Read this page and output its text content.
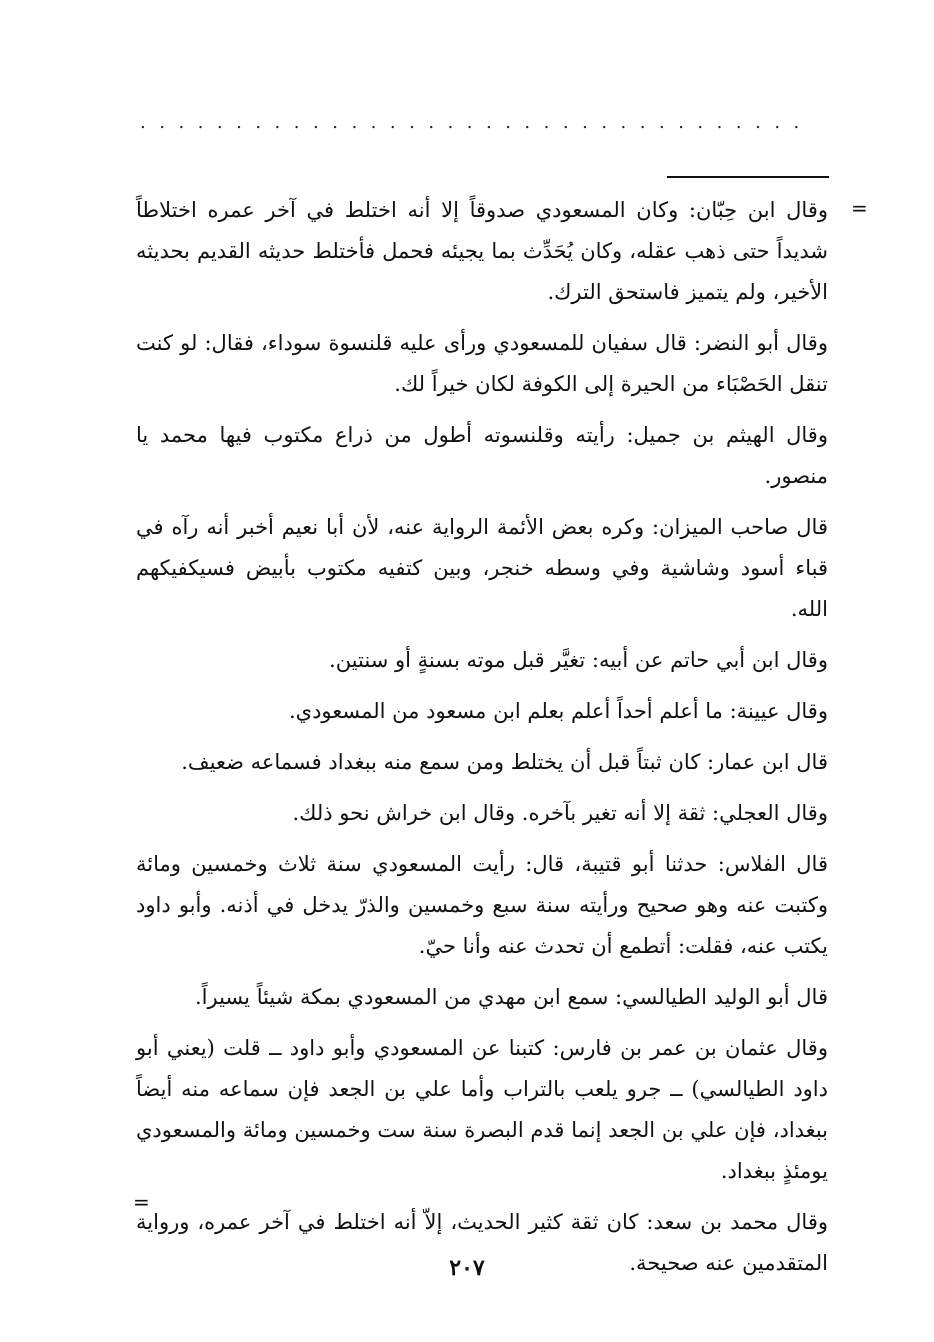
...................................
=

وقال ابن حِبّان: وكان المسعودي صدوقاً إلا أنه اختلط في آخر عمره اختلاطاً شديداً حتى ذهب عقله، وكان يُحَدِّث بما يجيئه فحمل فأختلط حديثه القديم بحديثه الأخير، ولم يتميز فاستحق الترك.

وقال أبو النضر: قال سفيان للمسعودي ورأى عليه قلنسوة سوداء، فقال: لو كنت تنقل الحَصْبَاء من الحيرة إلى الكوفة لكان خيراً لك.

وقال الهيثم بن جميل: رأيته وقلنسوته أطول من ذراع مكتوب فيها محمد يا منصور.

قال صاحب الميزان: وكره بعض الأئمة الرواية عنه، لأن أبا نعيم أخبر أنه رآه في قباء أسود وشاشية وفي وسطه خنجر، وبين كتفيه مكتوب بأبيض فسيكفيكهم الله.

وقال ابن أبي حاتم عن أبيه: تغيَّر قبل موته بسنةٍ أو سنتين.

وقال عيينة: ما أعلم أحداً أعلم بعلم ابن مسعود من المسعودي.

قال ابن عمار: كان ثبتاً قبل أن يختلط ومن سمع منه ببغداد فسماعه ضعيف.

وقال العجلي: ثقة إلا أنه تغير بآخره. وقال ابن خراش نحو ذلك.

قال الفلاس: حدثنا أبو قتيبة، قال: رأيت المسعودي سنة ثلاث وخمسين ومائة وكتبت عنه وهو صحيح ورأيته سنة سبع وخمسين والذرّ يدخل في أذنه. وأبو داود يكتب عنه، فقلت: أتطمع أن تحدث عنه وأنا حيّ.

قال أبو الوليد الطيالسي: سمع ابن مهدي من المسعودي بمكة شيئاً يسيراً.

وقال عثمان بن عمر بن فارس: كتبنا عن المسعودي وأبو داود ــ قلت (يعني أبو داود الطيالسي) ــ جرو يلعب بالتراب وأما علي بن الجعد فإن سماعه منه أيضاً ببغداد، فإن علي بن الجعد إنما قدم البصرة سنة ست وخمسين ومائة والمسعودي يومئذٍ ببغداد.

وقال محمد بن سعد: كان ثقة كثير الحديث، إلاّ أنه اختلط في آخر عمره، ورواية المتقدمين عنه صحيحة.

=
٢٠٧
